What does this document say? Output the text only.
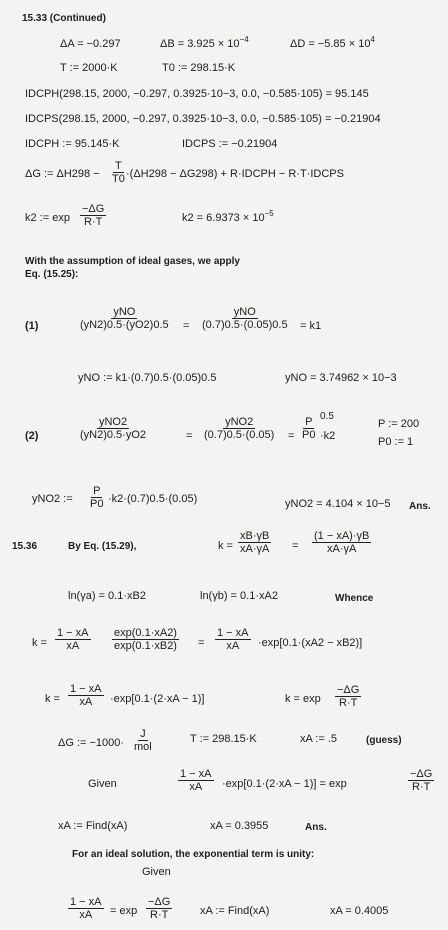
15.33 (Continued)
ΔA = −0.297	$\Delta B = 3.925 \times 10^{-4}$	$\Delta D = -5.85 \times 10^4$
T := 2000·K	T0 := 298.15·K
IDCPH(298.15, 2000, −0.297, 0.3925·10−3, 0.0, −0.585·105) = 95.145
IDCPS(298.15, 2000, −0.297, 0.3925·10−3, 0.0, −0.585·105) = −0.21904
IDCPH := 95.145·K	IDCPS := −0.21904
ΔG := $\Delta H298 - \frac{T}{T0} \cdot(\Delta H298 - \Delta G298)$ + R·IDCPH − R·T·IDCPS
k2 := $\exp \frac{-\Delta G}{R\cdot T}$	$k2 = 6.9373 \times 10^{-5}$
With the assumption of ideal gases, we apply
Eq. (15.25):
(1)
yNO
(yN2)0.5·(yO2)0.5 =
yNO
(0.7)0.5·(0.05)0.5 = k1
yNO := k1·(0.7)0.5·(0.05)0.5	yNO = 3.74962 × 10−3
(2)
yNO2
(yN2)0.5·yO2	=
yNO2
$(0.7)0.5\cdot(0.05) = \frac{P}{P0} 0.5$
·k2
P := 200
P0 := 1
yNO2 := $\frac{P}{P0} \cdot k2\cdot(0.7)0.5\cdot(0.05)$	yNO2 = 4.104 × 10−5 Ans.
15.36	By Eq. (15.29),	$k = \frac{xB\cdot\gamma B}{xA\cdot\gamma A} = \frac{(1 - xA)\cdot\gamma B}{xA\cdot\gamma A}$
ln(γa) = 0.1·xB2	ln(γb) = 0.1·xA2	Whence
$k = \frac{1 - xA}{xA} \frac{\exp(0.1\cdot xA2)}{\exp(0.1\cdot xB2)} = \frac{1 - xA}{xA} \cdot\exp[0.1\cdot(xA2 - xB2)]$
$k = \frac{1 - xA}{xA} \cdot\exp[0.1\cdot(2\cdot xA - 1)]$	$k = \exp \frac{-\Delta G}{R\cdot T}$
ΔG := −1000·
J
mol
T := 298.15·K	xA := .5	(guess)
Given	$\frac{1 - xA}{xA} \cdot\exp[0.1\cdot(2\cdot xA - 1)] = \exp$	$\frac{-\Delta G}{R\cdot T}$
xA := Find(xA)	xA = 0.3955	Ans.
For an ideal solution, the exponential term is unity:
Given
$\frac{1 - xA}{xA} = \exp \frac{-\Delta G}{R\cdot T}$	xA := Find(xA)	xA = 0.4005
